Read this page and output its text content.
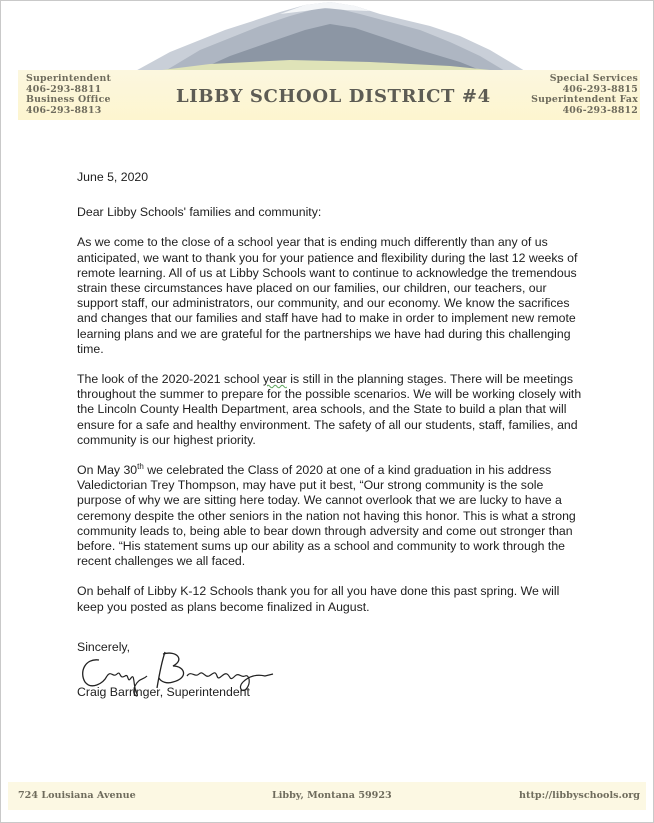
Superintendent
406-293-8811
Business Office
406-293-8813
LIBBY SCHOOL DISTRICT #4
Special Services
406-293-8815
Superintendent Fax
406-293-8812

June 5, 2020

Dear Libby Schools' families and community:

As we come to the close of a school year that is ending much differently than any of us anticipated, we want to thank you for your patience and flexibility during the last 12 weeks of remote learning. All of us at Libby Schools want to continue to acknowledge the tremendous strain these circumstances have placed on our families, our children, our teachers, our support staff, our administrators, our community, and our economy. We know the sacrifices and changes that our families and staff have had to make in order to implement new remote learning plans and we are grateful for the partnerships we have had during this challenging time.

The look of the 2020-2021 school year is still in the planning stages. There will be meetings throughout the summer to prepare for the possible scenarios. We will be working closely with the Lincoln County Health Department, area schools, and the State to build a plan that will ensure for a safe and healthy environment. The safety of all our students, staff, families, and community is our highest priority.

On May 30th we celebrated the Class of 2020 at one of a kind graduation in his address Valedictorian Trey Thompson, may have put it best, “Our strong community is the sole purpose of why we are sitting here today. We cannot overlook that we are lucky to have a ceremony despite the other seniors in the nation not having this honor. This is what a strong community leads to, being able to bear down through adversity and come out stronger than before. “His statement sums up our ability as a school and community to work through the recent challenges we all faced.

On behalf of Libby K-12 Schools thank you for all you have done this past spring. We will keep you posted as plans become finalized in August.

Sincerely,
Craig Barringer, Superintendent
724 Louisiana Avenue	Libby, Montana 59923	http://libbyschools.org
